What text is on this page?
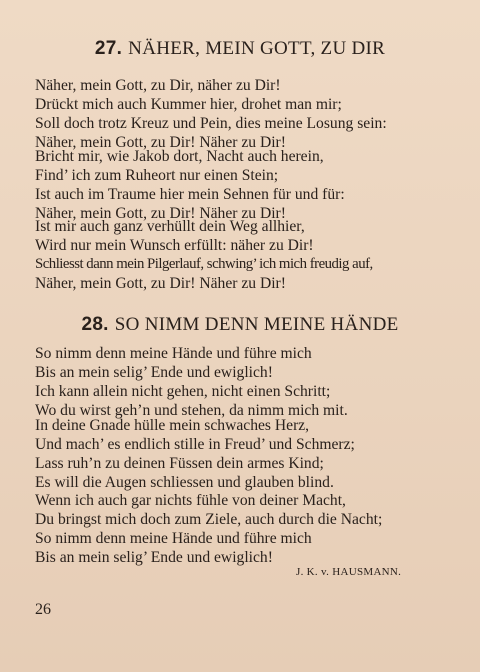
27. NÄHER, MEIN GOTT, ZU DIR
Näher, mein Gott, zu Dir, näher zu Dir!
Drückt mich auch Kummer hier, drohet man mir;
Soll doch trotz Kreuz und Pein, dies meine Losung sein:
Näher, mein Gott, zu Dir! Näher zu Dir!
Bricht mir, wie Jakob dort, Nacht auch herein,
Find’ ich zum Ruheort nur einen Stein;
Ist auch im Traume hier mein Sehnen für und für:
Näher, mein Gott, zu Dir! Näher zu Dir!
Ist mir auch ganz verhüllt dein Weg allhier,
Wird nur mein Wunsch erfüllt: näher zu Dir!
Schliesst dann mein Pilgerlauf, schwing’ ich mich freudig auf,
Näher, mein Gott, zu Dir! Näher zu Dir!
28. SO NIMM DENN MEINE HÄNDE
So nimm denn meine Hände und führe mich
Bis an mein selig’ Ende und ewiglich!
Ich kann allein nicht gehen, nicht einen Schritt;
Wo du wirst geh’n und stehen, da nimm mich mit.
In deine Gnade hülle mein schwaches Herz,
Und mach’ es endlich stille in Freud’ und Schmerz;
Lass ruh’n zu deinen Füssen dein armes Kind;
Es will die Augen schliessen und glauben blind.
Wenn ich auch gar nichts fühle von deiner Macht,
Du bringst mich doch zum Ziele, auch durch die Nacht;
So nimm denn meine Hände und führe mich
Bis an mein selig’ Ende und ewiglich!
J. K. v. HAUSMANN.
26
